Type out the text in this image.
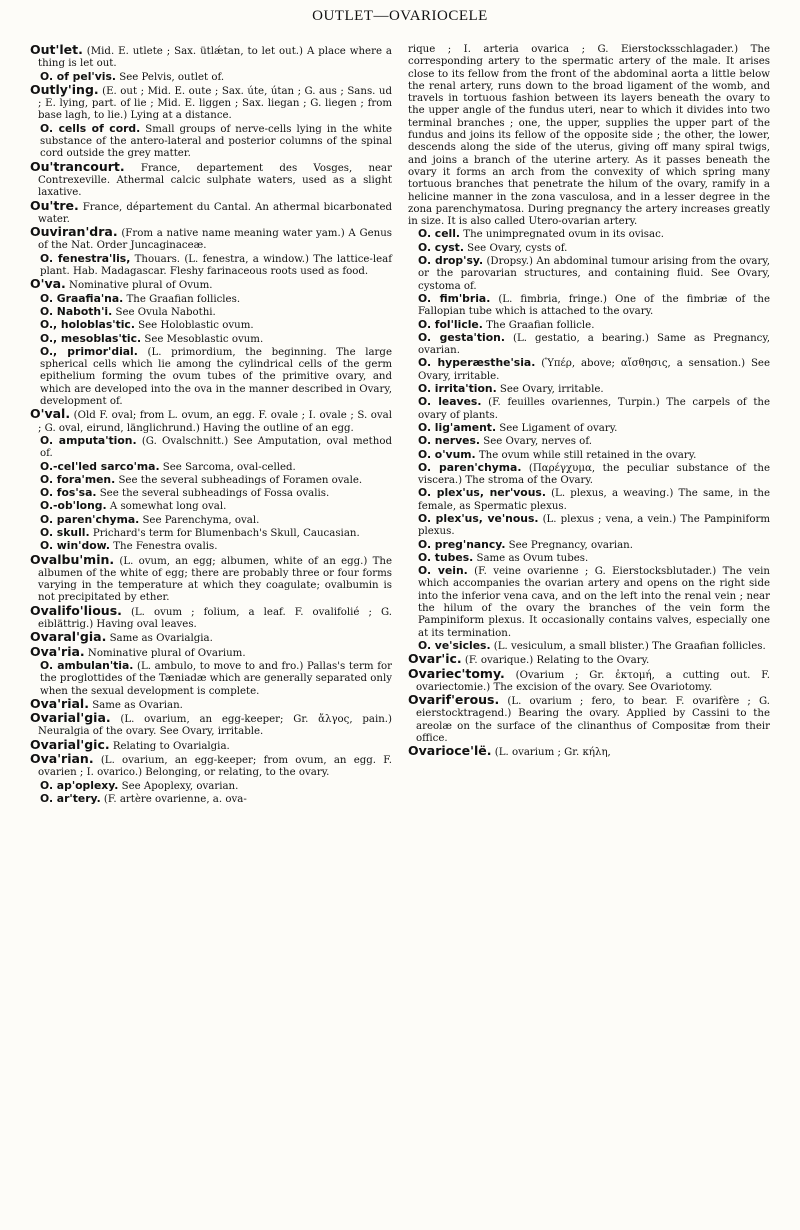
OUTLET—OVARIOCELE

Out'let. (Mid. E. utlete ; Sax. ütlǽtan, to let out.) A place where a thing is let out.

O. of pel'vis. See Pelvis, outlet of.

Outly'ing. (E. out ; Mid. E. oute ; Sax. úte, útan ; G. aus ; Sans. ud ; E. lying, part. of lie ; Mid. E. liggen ; Sax. liegan ; G. liegen ; from base lagh, to lie.) Lying at a distance.

O. cells of cord. Small groups of nerve-cells lying in the white substance of the antero-lateral and posterior columns of the spinal cord outside the grey matter.

Ou'trancourt. France, departement des Vosges, near Contrexeville. Athermal calcic sulphate waters, used as a slight laxative.

Ou'tre. France, département du Cantal. An athermal bicarbonated water.

Ouviran'dra. (From a native name meaning water yam.) A Genus of the Nat. Order Juncaginaceæ.

O. fenestra'lis, Thouars. (L. fenestra, a window.) The lattice-leaf plant. Hab. Madagascar. Fleshy farinaceous roots used as food.

O'va. Nominative plural of Ovum.

O. Graafia'na. The Graafian follicles.

O. Naboth'i. See Ovula Nabothi.

O., holoblas'tic. See Holoblastic ovum.

O., mesoblas'tic. See Mesoblastic ovum.

O., primor'dial. (L. primordium, the beginning. The large spherical cells which lie among the cylindrical cells of the germ epithelium forming the ovum tubes of the primitive ovary, and which are developed into the ova in the manner described in Ovary, development of.

O'val. (Old F. oval; from L. ovum, an egg. F. ovale ; I. ovale ; S. oval ; G. oval, eirund, länglichrund.) Having the outline of an egg.

O. amputa'tion. (G. Ovalschnitt.) See Amputation, oval method of.

O.-cel'led sarco'ma. See Sarcoma, oval-celled.

O. fora'men. See the several subheadings of Foramen ovale.

O. fos'sa. See the several subheadings of Fossa ovalis.

O.-ob'long. A somewhat long oval.

O. paren'chyma. See Parenchyma, oval.

O. skull. Prichard's term for Blumenbach's Skull, Caucasian.

O. win'dow. The Fenestra ovalis.

Ovalbu'min. (L. ovum, an egg; albumen, white of an egg.) The albumen of the white of egg; there are probably three or four forms varying in the temperature at which they coagulate; ovalbumin is not precipitated by ether.

Ovalifo'lious. (L. ovum ; folium, a leaf. F. ovalifolié ; G. eiblättrig.) Having oval leaves.

Ovaral'gia. Same as Ovarialgia.

Ova'ria. Nominative plural of Ovarium.

O. ambulan'tia. (L. ambulo, to move to and fro.) Pallas's term for the proglottides of the Tæniadæ which are generally separated only when the sexual development is complete.

Ova'rial. Same as Ovarian.

Ovarial'gia. (L. ovarium, an egg-keeper; Gr. ἄλγος, pain.) Neuralgia of the ovary. See Ovary, irritable.

Ovarial'gic. Relating to Ovarialgia.

Ova'rian. (L. ovarium, an egg-keeper; from ovum, an egg. F. ovarien ; I. ovarico.) Belonging, or relating, to the ovary.

O. ap'oplexy. See Apoplexy, ovarian.

O. ar'tery. (F. artère ovarienne, a. ova-

rique ; I. arteria ovarica ; G. Eierstocksschlagader.) The corresponding artery to the spermatic artery of the male. It arises close to its fellow from the front of the abdominal aorta a little below the renal artery, runs down to the broad ligament of the womb, and travels in tortuous fashion between its layers beneath the ovary to the upper angle of the fundus uteri, near to which it divides into two terminal branches ; one, the upper, supplies the upper part of the fundus and joins its fellow of the opposite side ; the other, the lower, descends along the side of the uterus, giving off many spiral twigs, and joins a branch of the uterine artery. As it passes beneath the ovary it forms an arch from the convexity of which spring many tortuous branches that penetrate the hilum of the ovary, ramify in a helicine manner in the zona vasculosa, and in a lesser degree in the zona parenchymatosa. During pregnancy the artery increases greatly in size. It is also called Utero-ovarian artery.

O. cell. The unimpregnated ovum in its ovisac.

O. cyst. See Ovary, cysts of.

O. drop'sy. (Dropsy.) An abdominal tumour arising from the ovary, or the parovarian structures, and containing fluid. See Ovary, cystoma of.

O. fim'bria. (L. fimbria, fringe.) One of the fimbriæ of the Fallopian tube which is attached to the ovary.

O. fol'licle. The Graafian follicle.

O. gesta'tion. (L. gestatio, a bearing.) Same as Pregnancy, ovarian.

O. hyperæsthe'sia. (Ὑπέρ, above; αἴσθησις, a sensation.) See Ovary, irritable.

O. irrita'tion. See Ovary, irritable.

O. leaves. (F. feuilles ovariennes, Turpin.) The carpels of the ovary of plants.

O. lig'ament. See Ligament of ovary.

O. nerves. See Ovary, nerves of.

O. o'vum. The ovum while still retained in the ovary.

O. paren'chyma. (Παρέγχυμα, the peculiar substance of the viscera.) The stroma of the Ovary.

O. plex'us, ner'vous. (L. plexus, a weaving.) The same, in the female, as Spermatic plexus.

O. plex'us, ve'nous. (L. plexus ; vena, a vein.) The Pampiniform plexus.

O. preg'nancy. See Pregnancy, ovarian.

O. tubes. Same as Ovum tubes.

O. vein. (F. veine ovarienne ; G. Eierstocksblutader.) The vein which accompanies the ovarian artery and opens on the right side into the inferior vena cava, and on the left into the renal vein ; near the hilum of the ovary the branches of the vein form the Pampiniform plexus. It occasionally contains valves, especially one at its termination.

O. ve'sicles. (L. vesiculum, a small blister.) The Graafian follicles.

Ovar'ic. (F. ovarique.) Relating to the Ovary.

Ovariec'tomy. (Ovarium ; Gr. ἐκτομή, a cutting out. F. ovariectomie.) The excision of the ovary. See Ovariotomy.

Ovarif'erous. (L. ovarium ; fero, to bear. F. ovarifère ; G. eierstocktragend.) Bearing the ovary. Applied by Cassini to the areolæ on the surface of the clinanthus of Compositæ from their office.

Ovarioce'lë. (L. ovarium ; Gr. κήλη,
